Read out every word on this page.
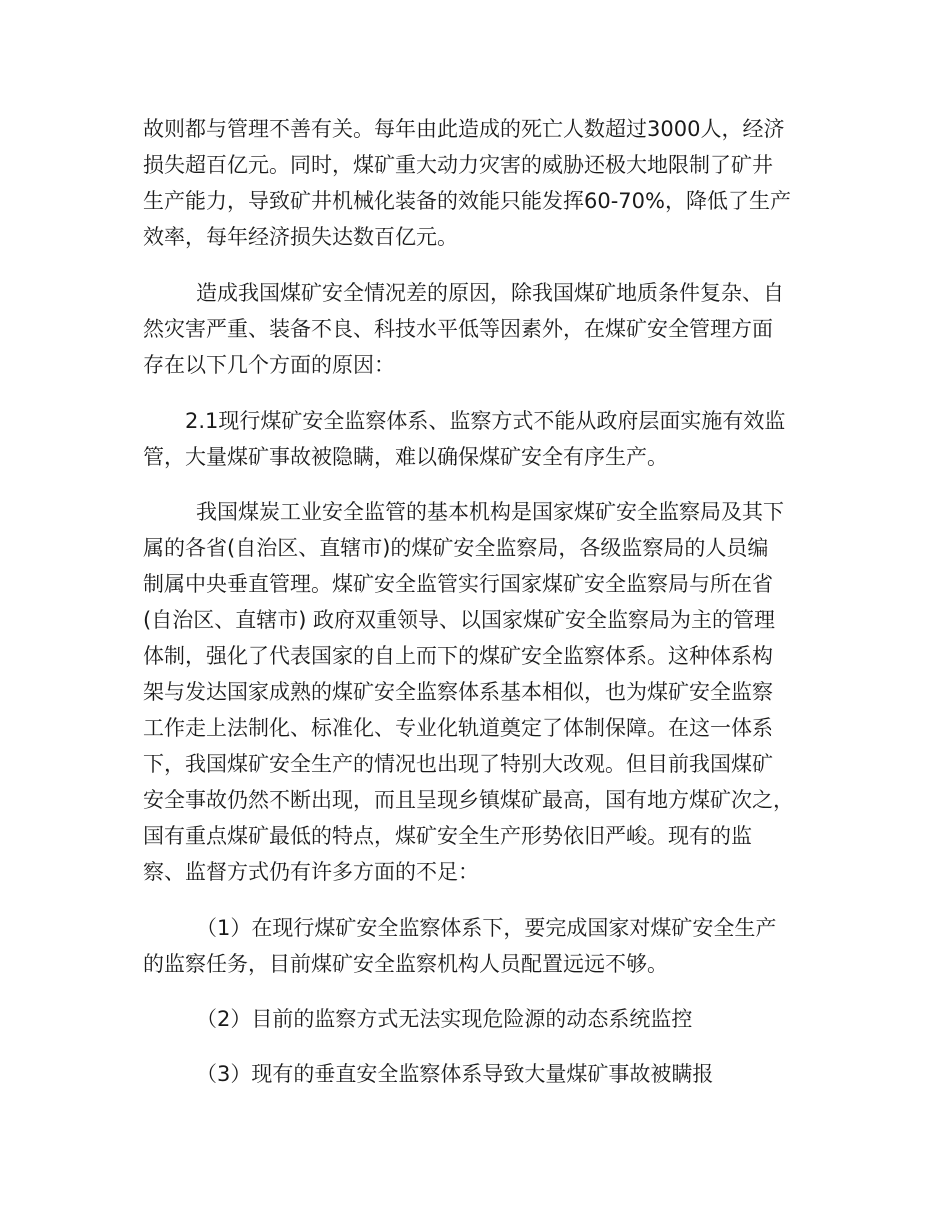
故则都与管理不善有关。每年由此造成的死亡人数超过3000人，经济
损失超百亿元。同时，煤矿重大动力灾害的威胁还极大地限制了矿井
生产能力，导致矿井机械化装备的效能只能发挥60-70%，降低了生产
效率，每年经济损失达数百亿元。
造成我国煤矿安全情况差的原因，除我国煤矿地质条件复杂、自
然灾害严重、装备不良、科技水平低等因素外，在煤矿安全管理方面
存在以下几个方面的原因：
2.1现行煤矿安全监察体系、监察方式不能从政府层面实施有效监
管，大量煤矿事故被隐瞒，难以确保煤矿安全有序生产。
我国煤炭工业安全监管的基本机构是国家煤矿安全监察局及其下
属的各省(自治区、直辖市)的煤矿安全监察局，各级监察局的人员编
制属中央垂直管理。煤矿安全监管实行国家煤矿安全监察局与所在省
(自治区、直辖市) 政府双重领导、以国家煤矿安全监察局为主的管理
体制，强化了代表国家的自上而下的煤矿安全监察体系。这种体系构
架与发达国家成熟的煤矿安全监察体系基本相似，也为煤矿安全监察
工作走上法制化、标准化、专业化轨道奠定了体制保障。在这一体系
下，我国煤矿安全生产的情况也出现了特别大改观。但目前我国煤矿
安全事故仍然不断出现，而且呈现乡镇煤矿最高，国有地方煤矿次之，
国有重点煤矿最低的特点，煤矿安全生产形势依旧严峻。现有的监
察、监督方式仍有许多方面的不足：
（1）在现行煤矿安全监察体系下，要完成国家对煤矿安全生产
的监察任务，目前煤矿安全监察机构人员配置远远不够。
（2）目前的监察方式无法实现危险源的动态系统监控
（3）现有的垂直安全监察体系导致大量煤矿事故被瞒报
